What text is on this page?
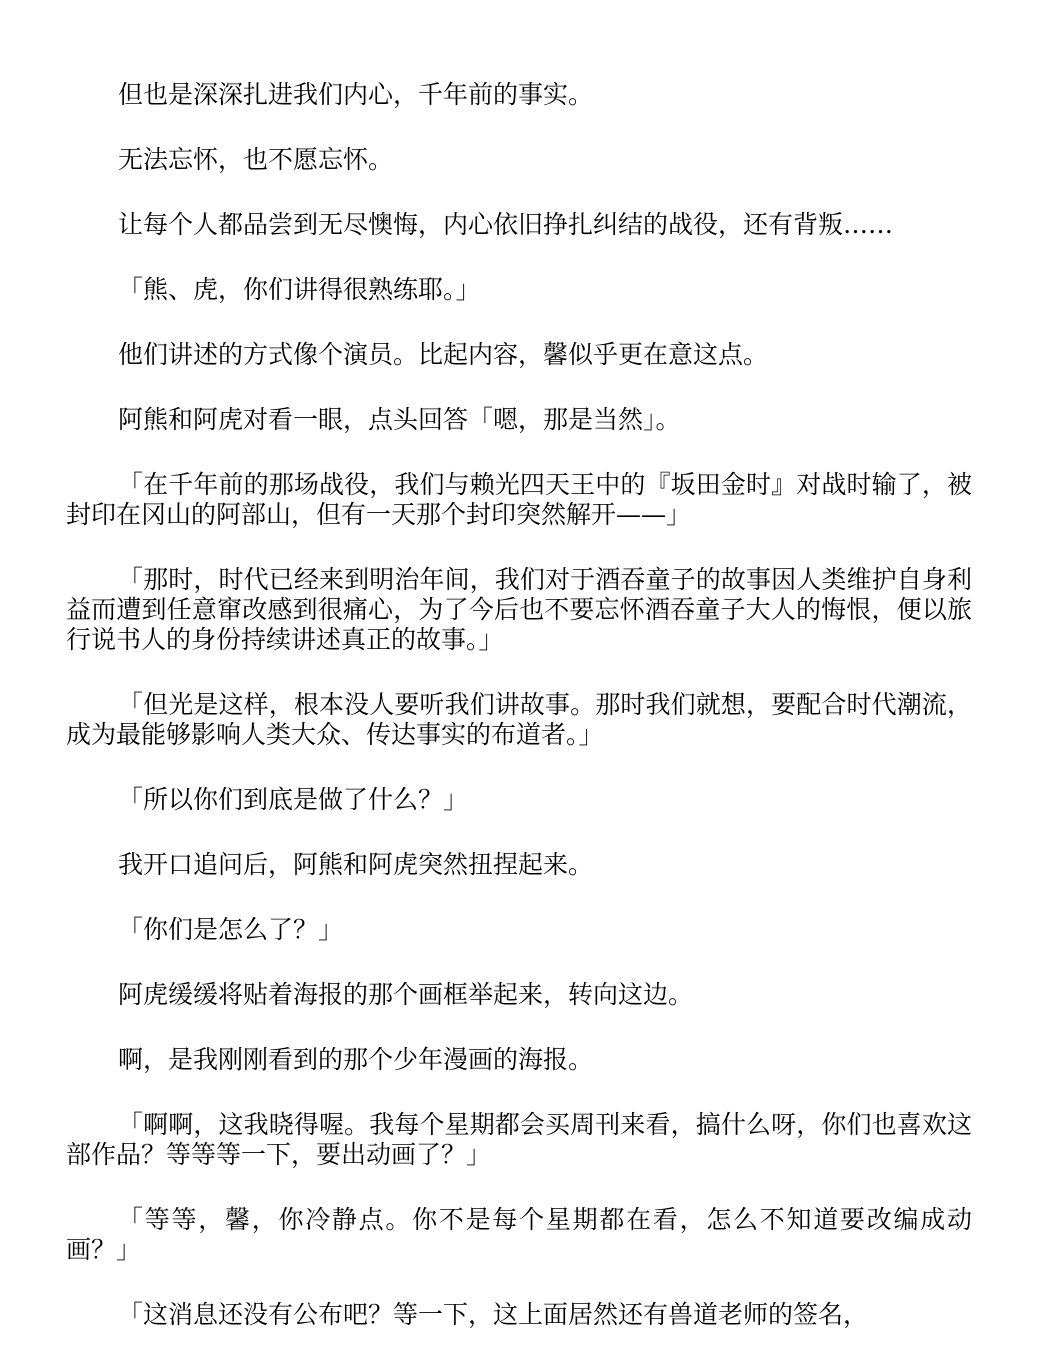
但也是深深扎进我们内心，千年前的事实。

无法忘怀，也不愿忘怀。

让每个人都品尝到无尽懊悔，内心依旧挣扎纠结的战役，还有背叛……

「熊、虎，你们讲得很熟练耶。」

他们讲述的方式像个演员。比起内容，馨似乎更在意这点。

阿熊和阿虎对看一眼，点头回答「嗯，那是当然」。

「在千年前的那场战役，我们与赖光四天王中的『坂田金时』对战时输了，被封印在冈山的阿部山，但有一天那个封印突然解开——」

「那时，时代已经来到明治年间，我们对于酒吞童子的故事因人类维护自身利益而遭到任意窜改感到很痛心，为了今后也不要忘怀酒吞童子大人的悔恨，便以旅行说书人的身份持续讲述真正的故事。」

「但光是这样，根本没人要听我们讲故事。那时我们就想，要配合时代潮流，成为最能够影响人类大众、传达事实的布道者。」

「所以你们到底是做了什么？」

我开口追问后，阿熊和阿虎突然扭捏起来。

「你们是怎么了？」

阿虎缓缓将贴着海报的那个画框举起来，转向这边。

啊，是我刚刚看到的那个少年漫画的海报。

「啊啊，这我晓得喔。我每个星期都会买周刊来看，搞什么呀，你们也喜欢这部作品？等等等一下，要出动画了？」

「等等，馨，你冷静点。你不是每个星期都在看，怎么不知道要改编成动画？」

「这消息还没有公布吧？等一下，这上面居然还有兽道老师的签名，
